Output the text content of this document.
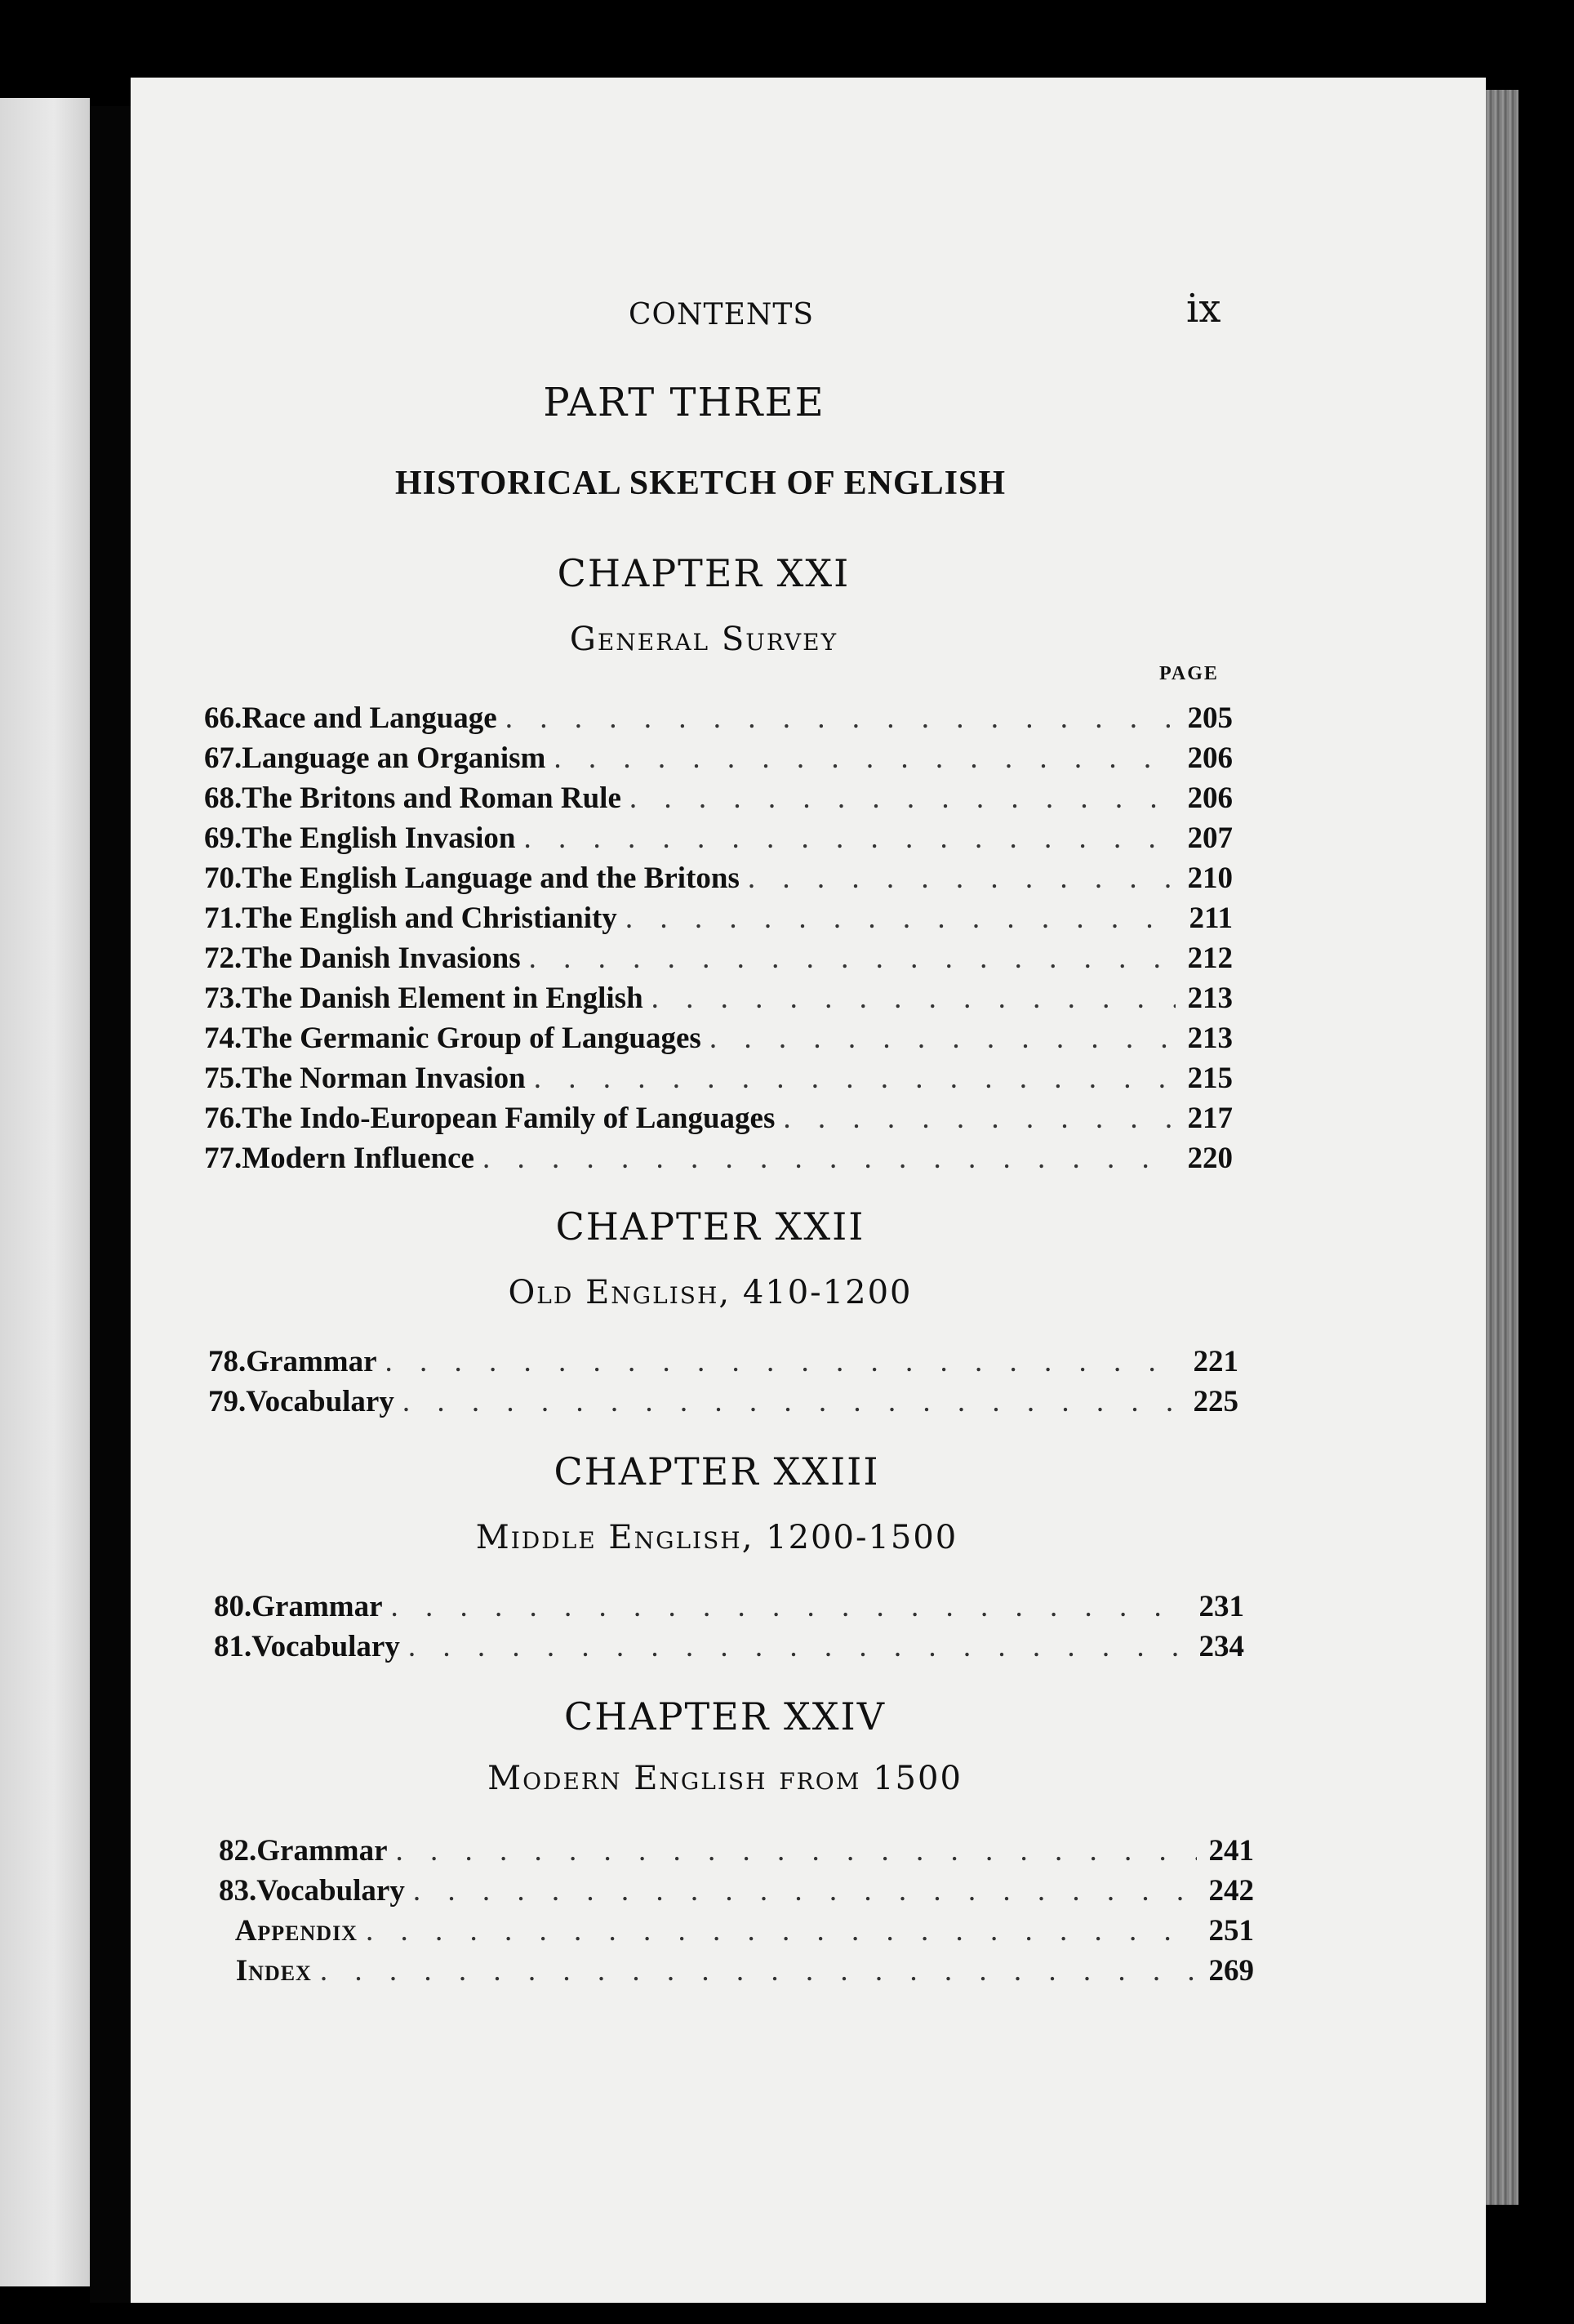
CONTENTS	ix
PART THREE
HISTORICAL SKETCH OF ENGLISH
CHAPTER XXI
General Survey
PAGE
66. Race and Language . . .	205
67. Language an Organism . . .	206
68. The Britons and Roman Rule . . .	206
69. The English Invasion . . .	207
70. The English Language and the Britons . . .	210
71. The English and Christianity . . .	211
72. The Danish Invasions . . .	212
73. The Danish Element in English . . .	213
74. The Germanic Group of Languages . . .	213
75. The Norman Invasion . . .	215
76. The Indo-European Family of Languages . . .	217
77. Modern Influence . . .	220
CHAPTER XXII
Old English, 410-1200
78. Grammar . . .	221
79. Vocabulary . . .	225
CHAPTER XXIII
Middle English, 1200-1500
80. Grammar . . .	231
81. Vocabulary . . .	234
CHAPTER XXIV
Modern English from 1500
82. Grammar . . .	241
83. Vocabulary . . .	242
Appendix . . .	251
Index . . .	269
